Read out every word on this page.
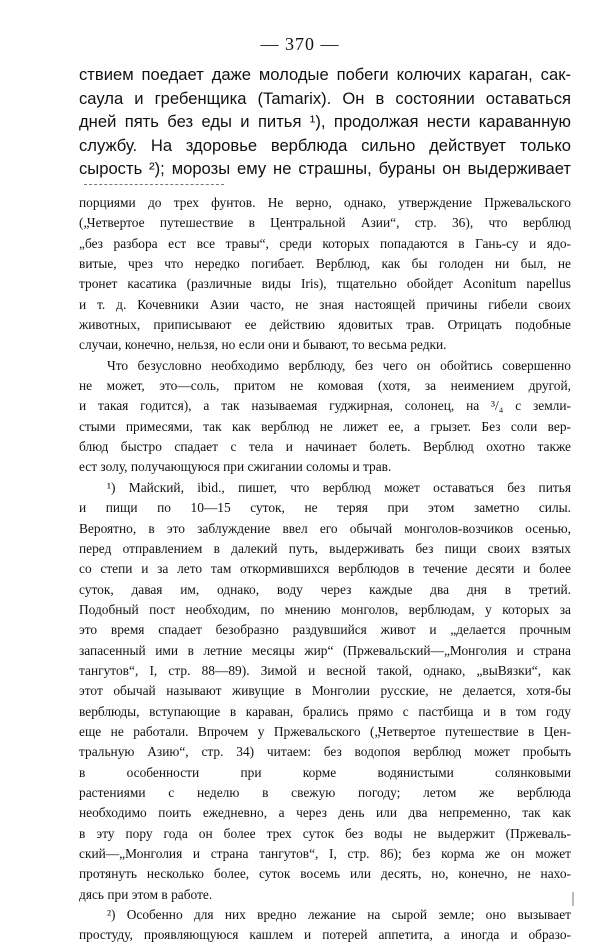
— 370 —
ствием поедает даже молодые побеги колючих караган, сак-
саула и гребенщика (Tamarix). Он в состоянии оставаться
дней пять без еды и питья ¹), продолжая нести караванную
службу. На здоровье верблюда сильно действует только
сырость ²); морозы ему не страшны, бураны он выдерживает
порциями до трех фунтов. Не верно, однако, утверждение Пржевальского
(„Четвертое путешествие в Центральной Азии“, стр. 36), что верблюд
„без разбора ест все травы“, среди которых попадаются в Гань-су и ядо-
витые, чрез что нередко погибает. Верблюд, как бы голоден ни был, не
тронет касатика (различные виды Iris), тщательно обойдет Aconitum napellus
и т. д. Кочевники Азии часто, не зная настоящей причины гибели своих
животных, приписывают ее действию ядовитых трав. Отрицать подобные
случаи, конечно, нельзя, но если они и бывают, то весьма редки.
Что безусловно необходимо верблюду, без чего он обойтись совершенно
не может, это—соль, притом не комовая (хотя, за неимением другой,
и такая годится), а так называемая гуджирная, солонец, на ³/₄ с земли-
стыми примесями, так как верблюд не лижет ее, а грызет. Без соли вер-
блюд быстро спадает с тела и начинает болеть. Верблюд охотно также
ест золу, получающуюся при сжигании соломы и трав.
¹) Майский, ibid., пишет, что верблюд может оставаться без питья
и пищи по 10—15 суток, не теряя при этом заметно силы.
Вероятно, в это заблуждение ввел его обычай монголов-возчиков осенью,
перед отправлением в далекий путь, выдерживать без пищи своих взятых
со степи и за лето там откормившихся верблюдов в течение десяти и более
суток, давая им, однако, воду через каждые два дня в третий.
Подобный пост необходим, по мнению монголов, верблюдам, у которых за
это время спадает безобразно раздувшийся живот и „делается прочным
запасенный ими в летние месяцы жир“ (Пржевальский—„Монголия и страна
тангутов“, I, стр. 88—89). Зимой и весной такой, однако, „выВязки“, как
этот обычай называют живущие в Монголии русские, не делается, хотя-бы
верблюды, вступающие в караван, брались прямо с пастбища и в том году
еще не работали. Впрочем у Пржевальского („Четвертое путешествие в Цен-
тральную Азию“, стр. 34) читаем: без водопоя верблюд может пробыть
в особенности при корме водянистыми солянковыми
растениями с неделю в свежую погоду; летом же верблюда
необходимо поить ежедневно, а через день или два непременно, так как
в эту пору года он более трех суток без воды не выдержит (Пржеваль-
ский—„Монголия и страна тангутов“, I, стр. 86); без корма же он может
протянуть несколько более, суток восемь или десять, но, конечно, не нахо-
дясь при этом в работе.
²) Особенно для них вредно лежание на сырой земле; оно вызывает
простуду, проявляющуюся кашлем и потерей аппетита, а иногда и образо-
